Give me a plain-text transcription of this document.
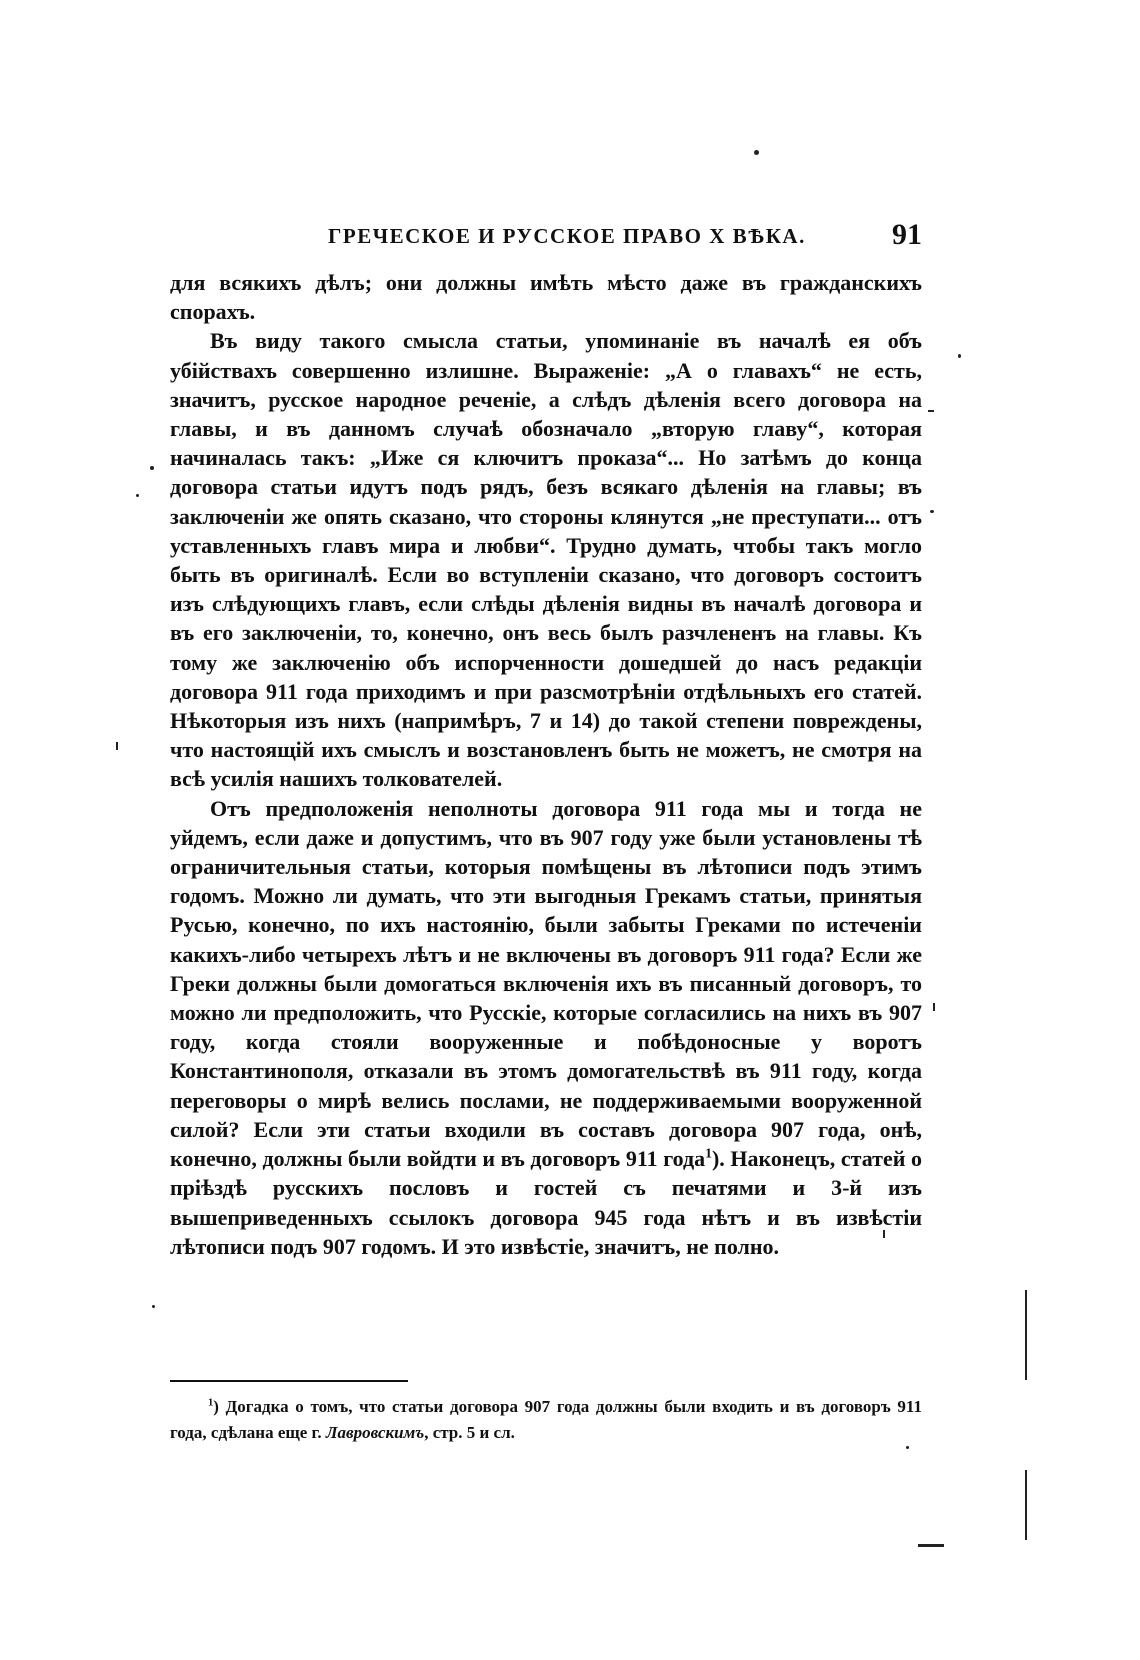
ГРЕЧЕСКОЕ И РУССКОЕ ПРАВО X ВѢКА.	91

для всякихъ дѣлъ; они должны имѣть мѣсто даже въ гражданскихъ спорахъ.

Въ виду такого смысла статьи, упоминаніе въ началѣ ея объ убійствахъ совершенно излишне. Выраженіе: „А о главахъ“ не есть, значитъ, русское народное реченіе, а слѣдъ дѣленія всего договора на главы, и въ данномъ случаѣ обозначало „вторую главу“, которая начиналась такъ: „Иже ся ключитъ проказа“... Но затѣмъ до конца договора статьи идутъ подъ рядъ, безъ всякаго дѣленія на главы; въ заключеніи же опять сказано, что стороны клянутся „не преступати... отъ уставленныхъ главъ мира и любви“. Трудно думать, чтобы такъ могло быть въ оригиналѣ. Если во вступленіи сказано, что договоръ состоитъ изъ слѣдующихъ главъ, если слѣды дѣленія видны въ началѣ договора и въ его заключеніи, то, конечно, онъ весь былъ разчлененъ на главы. Къ тому же заключенію объ испорченности дошедшей до насъ редакціи договора 911 года приходимъ и при разсмотрѣніи отдѣльныхъ его статей. Нѣкоторыя изъ нихъ (напримѣръ, 7 и 14) до такой степени повреждены, что настоящій ихъ смыслъ и возстановленъ быть не можетъ, не смотря на всѣ усилія нашихъ толкователей.

Отъ предположенія неполноты договора 911 года мы и тогда не уйдемъ, если даже и допустимъ, что въ 907 году уже были установлены тѣ ограничительныя статьи, которыя помѣщены въ лѣтописи подъ этимъ годомъ. Можно ли думать, что эти выгодныя Грекамъ статьи, принятыя Русью, конечно, по ихъ настоянію, были забыты Греками по истеченіи какихъ-либо четырехъ лѣтъ и не включены въ договоръ 911 года? Если же Греки должны были домогаться включенія ихъ въ писанный договоръ, то можно ли предположить, что Русскіе, которые согласились на нихъ въ 907 году, когда стояли вооруженные и побѣдоносные у воротъ Константинополя, отказали въ этомъ домогательствѣ въ 911 году, когда переговоры о мирѣ велись послами, не поддерживаемыми вооруженной силой? Если эти статьи входили въ составъ договора 907 года, онѣ, конечно, должны были войдти и въ договоръ 911 года$^1$). Наконецъ, статей о пріѣздѣ русскихъ пословъ и гостей съ печатями и 3-й изъ вышеприведенныхъ ссылокъ договора 945 года нѣтъ и въ извѣстіи лѣтописи подъ 907 годомъ. И это извѣстіе, значитъ, не полно.

$^1$) Догадка о томъ, что статьи договора 907 года должны были входить и въ договоръ 911 года, сдѣлана еще г. Лавровскимъ, стр. 5 и сл.
